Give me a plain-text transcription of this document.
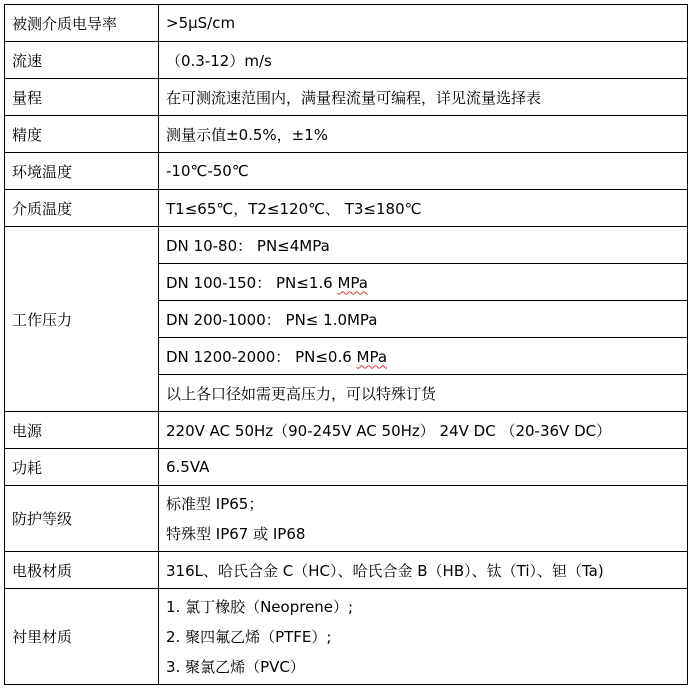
被测介质电导率	>5μS/cm
流速	（0.3-12）m/s
量程	在可测流速范围内，满量程流量可编程，详见流量选择表
精度	测量示值±0.5%，±1%
环境温度	-10℃-50℃
介质温度	T1≤65℃，T2≤120℃、 T3≤180℃
工作压力	DN 10-80： PN≤4MPa
	DN 100-150： PN≤1.6 MPa
	DN 200-1000： PN≤ 1.0MPa
	DN 1200-2000： PN≤0.6 MPa
	以上各口径如需更高压力，可以特殊订货
电源	220V AC 50Hz（90-245V AC 50Hz） 24V DC （20-36V DC）
功耗	6.5VA
防护等级	标准型 IP65；
特殊型 IP67 或 IP68

电极材质	316L、哈氏合金 C（HC）、哈氏合金 B（HB）、钛（Ti）、钽（Ta)
衬里材质	1. 氯丁橡胶（Neoprene）;
2. 聚四氟乙烯（PTFE）;
3. 聚氯乙烯（PVC）
